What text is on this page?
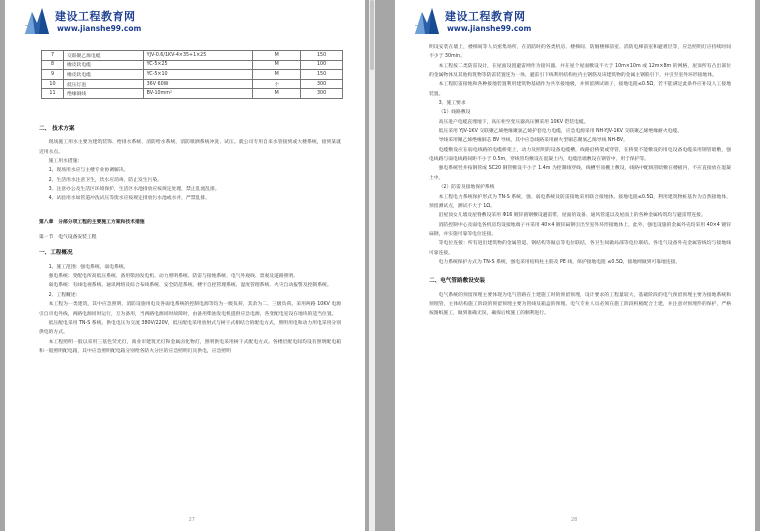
建设工程教育网
www.jianshe99.com
7	交联聚乙烯电缆	YJV-0.6/1KV-4×35+1×25	M	150
8	橡皮软电缆	YC-5×25	M	100
9	橡皮软电缆	YC-5×10	M	150
10	低压灯泡	36V 60W	个	300
11	绝缘铜线	BV-10mm²	M	300

二、 技术方案

现场施工用水主要为建筑装饰、给排水系统、消防给水系统、消防喷洒系统冲洗、试压。就公司专用自来水管接到或大楼系统，接到某就近用水点。

施工用水措施：

1、现场用水应与主楼专业协调解决。

2、生活用水注意卫生，饮水应消毒，防止发生污染。

3、注意办公及生活区环境保护，生活区水池排放应按规定处理，禁止乱流乱排。

4、试验用水如管道冲洗试压等废水应按规定排放污水池或水井，严禁乱排。

第八章　分部分项工程的主要施工方案和技术措施

第一节　电气设备安装工程

一、工程概况

1、施工范围：强电系统、弱电系统。

强电系统：变配电所高低压系统、备用柴油发电机、动力照明系统、防雷与接地系统、电气外观线、景观及道路照明。

弱电系统：有线电视系统、通讯网络及综合布线系统、安全防范系统、楼宇自控管理系统、湿度管理系统、火灾自动报警及控制系统。

2、工程概述：

本工程为一类建筑，其中应急照明、消防设施用电及各弱电系统的控制电源等均为一级负荷，其余为二、三级负荷。采用两路 10KV 电源引自市电外线，两路电源同时运行，互为备用，当两路电源同时故障时，由备用柴油发电机提供应急电源，各变配电室设在地块的适当位置。

低压配电采用 TN-S 系统，供电电压为交流 380V/220V，低压配电采用放射式与树干式相结合的配电方式，照明用电和动力用电采用分别供电的方式。

本工程照明一般以采用三基色荧光灯，商业市建筑光灯和金属卤化物灯，照明供电采用树干式配电方式。各楼层配电间均设有照明配电箱和一般照明配电箱，其中应急照明配电箱分别给各防火分区的应急照明灯具供电，应急照明

27
建设工程教育网
www.jianshe99.com

明设安装在墙上，楼梯间等人员密集场所，在消防时的各类机房、楼梯间、防烟楼梯前室、消防电梯前室和避难层等，应急照明灯应持续时间不少于 30min。

本工程按二类防雷设计，在屋面设置避雷网作为接闪器，并在屋个屋面敷设不大于 10m×10m 或 12m×8m 的网格，屋顶所有凸出部位的金属物体及其他构筑物等防雷装置连为一体，避雷引下线利用结构柱内主钢筋及该建筑物的金属主钢筋引下，并引至室外环形接地体。

本工程防雷接地和各种接地装置利用建筑物基础作为共享接地极，并预留测试端子，接地电阻≤0.5Ω，若不能满足此条件应补设人工接地装置。

3、施工要求

（1）线路敷设

高压进户电缆直埋地下，高压柜至变压器高压侧采用 10KV 铠装电缆。

低压采用 YJV-1KV 交联聚乙烯绝缘聚氯乙烯护套电力电缆，应急电源采用 NH-YJV-1KV 交联聚乙烯绝缘耐火电缆。

导线采用聚乙烯绝缘铜芯 BV 导线，其中应急线路采用耐火型铜芯聚氯乙烯导线 NH-BV。

电缆敷设应在弱电线路的电缆桥架上，动力及照明的设备电缆槽，线路沿桥架或穿管，在桥架不能敷设的用电设备电缆采用钢管暗敷，强电线路与弱电线路间距不小于 0.5m，穿线管均敷设在混凝土内，电缆沿墙敷设在钢管中，用于保护等。

强电系统竖井按钢管或 SC20 钢管敷设不小于 1.4m 为控制线穿线，线槽至顶棚上敷设，线路中配线管暗敷在楼板内，不应直接放在混凝土中。

（2）防雷及接地保护系统

本工程电力系统保护形式为 TN-S 系统，强、弱电系统及防雷接地采用联合接地体，接地电阻≤0.5Ω，利用建筑物桩基作为自然接地体，预留测试点，测试不大于 1Ω。

沿屋顶女儿墙及屋脊敷设采用 Φ16 镀锌圆钢敷设避雷带，屋面的设备、通风管道以及屋面上的各种金属构筑均与避雷带连接。

消防控制中心及弱电各机房均设接地端子并采用 40×4 镀锌扁钢引出至室外环形接地体上，此外，强电设施的金属外壳均采用 40×4 镀锌扁钢，并实施可靠等电位连接。

等电位连接：所有进出建筑物的金属管道、钢结构等做总等电位联结，各卫生间做局部等电位联结。各电气设备外壳金属管线均与接地线可靠连接。

电力系统保护方式为 TN-S 系统，强电采用结构柱主筋及 PE 线，保护接地电阻 ≤0.5Ω，接地网做到可靠地连接。

二、电气管路敷设安装

电气系统的预留预埋主要体现为电气管路在土建施工时的预留预埋，设计要求的工程量较大，基础阶段的电气预留预埋主要为接地系统和预埋管，主体结构施工阶段的预留预埋主要为管线及箱盒的预埋。电气专业人员必须在施工阶段积极配合土建，并注意对预埋件的保护，严格按图纸施工，做到准确无误，确保后续施工的顺利进行。

28
